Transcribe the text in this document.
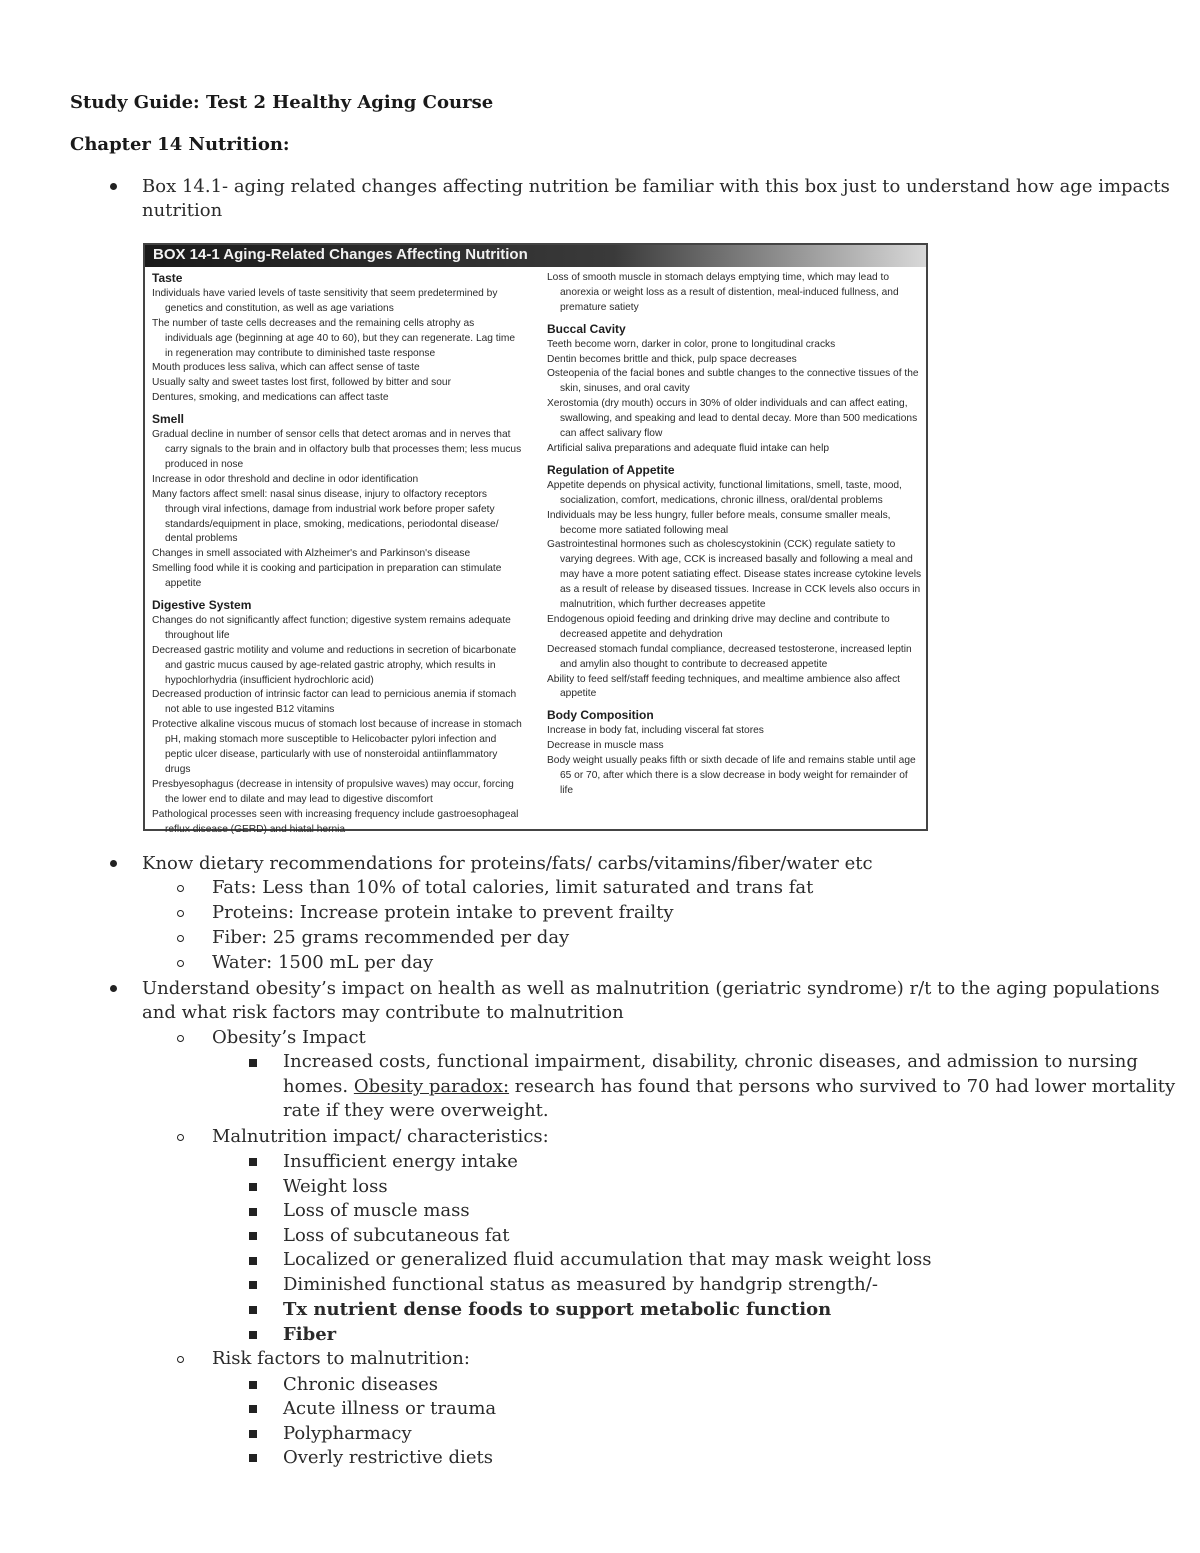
Study Guide: Test 2 Healthy Aging Course
Chapter 14 Nutrition:
Box 14.1- aging related changes affecting nutrition be familiar with this box just to understand how age impacts
nutrition
BOX 14-1 Aging-Related Changes Affecting Nutrition
Taste
Individuals have varied levels of taste sensitivity that seem predetermined by genetics and constitution, as well as age variations
The number of taste cells decreases and the remaining cells atrophy as individuals age (beginning at age 40 to 60), but they can regenerate. Lag time in regeneration may contribute to diminished taste response
Mouth produces less saliva, which can affect sense of taste
Usually salty and sweet tastes lost first, followed by bitter and sour
Dentures, smoking, and medications can affect taste
Smell
Gradual decline in number of sensor cells that detect aromas and in nerves that carry signals to the brain and in olfactory bulb that processes them; less mucus produced in nose
Increase in odor threshold and decline in odor identification
Many factors affect smell: nasal sinus disease, injury to olfactory receptors through viral infections, damage from industrial work before proper safety standards/equipment in place, smoking, medications, periodontal disease/ dental problems
Changes in smell associated with Alzheimer's and Parkinson's disease
Smelling food while it is cooking and participation in preparation can stimulate appetite
Digestive System
Changes do not significantly affect function; digestive system remains adequate throughout life
Decreased gastric motility and volume and reductions in secretion of bicarbonate and gastric mucus caused by age-related gastric atrophy, which results in hypochlorhydria (insufficient hydrochloric acid)
Decreased production of intrinsic factor can lead to pernicious anemia if stomach not able to use ingested B12 vitamins
Protective alkaline viscous mucus of stomach lost because of increase in stomach pH, making stomach more susceptible to Helicobacter pylori infection and peptic ulcer disease, particularly with use of nonsteroidal antiinflammatory drugs
Presbyesophagus (decrease in intensity of propulsive waves) may occur, forcing the lower end to dilate and may lead to digestive discomfort
Pathological processes seen with increasing frequency include gastroesophageal reflux disease (GERD) and hiatal hernia
Loss of smooth muscle in stomach delays emptying time, which may lead to anorexia or weight loss as a result of distention, meal-induced fullness, and premature satiety
Buccal Cavity
Teeth become worn, darker in color, prone to longitudinal cracks
Dentin becomes brittle and thick, pulp space decreases
Osteopenia of the facial bones and subtle changes to the connective tissues of the skin, sinuses, and oral cavity
Xerostomia (dry mouth) occurs in 30% of older individuals and can affect eating, swallowing, and speaking and lead to dental decay. More than 500 medications can affect salivary flow
Artificial saliva preparations and adequate fluid intake can help
Regulation of Appetite
Appetite depends on physical activity, functional limitations, smell, taste, mood, socialization, comfort, medications, chronic illness, oral/dental problems
Individuals may be less hungry, fuller before meals, consume smaller meals, become more satiated following meal
Gastrointestinal hormones such as cholescystokinin (CCK) regulate satiety to varying degrees. With age, CCK is increased basally and following a meal and may have a more potent satiating effect. Disease states increase cytokine levels as a result of release by diseased tissues. Increase in CCK levels also occurs in malnutrition, which further decreases appetite
Endogenous opioid feeding and drinking drive may decline and contribute to decreased appetite and dehydration
Decreased stomach fundal compliance, decreased testosterone, increased leptin and amylin also thought to contribute to decreased appetite
Ability to feed self/staff feeding techniques, and mealtime ambience also affect appetite
Body Composition
Increase in body fat, including visceral fat stores
Decrease in muscle mass
Body weight usually peaks fifth or sixth decade of life and remains stable until age 65 or 70, after which there is a slow decrease in body weight for remainder of life
Know dietary recommendations for proteins/fats/ carbs/vitamins/fiber/water etc
Fats: Less than 10% of total calories, limit saturated and trans fat
Proteins: Increase protein intake to prevent frailty
Fiber: 25 grams recommended per day
Water: 1500 mL per day
Understand obesity’s impact on health as well as malnutrition (geriatric syndrome) r/t to the aging populations
and what risk factors may contribute to malnutrition
Obesity’s Impact
Increased costs, functional impairment, disability, chronic diseases, and admission to nursing
homes. Obesity paradox: research has found that persons who survived to 70 had lower mortality
rate if they were overweight.
Malnutrition impact/ characteristics:
Insufficient energy intake
Weight loss
Loss of muscle mass
Loss of subcutaneous fat
Localized or generalized fluid accumulation that may mask weight loss
Diminished functional status as measured by handgrip strength/-
Tx nutrient dense foods to support metabolic function
Fiber
Risk factors to malnutrition:
Chronic diseases
Acute illness or trauma
Polypharmacy
Overly restrictive diets
